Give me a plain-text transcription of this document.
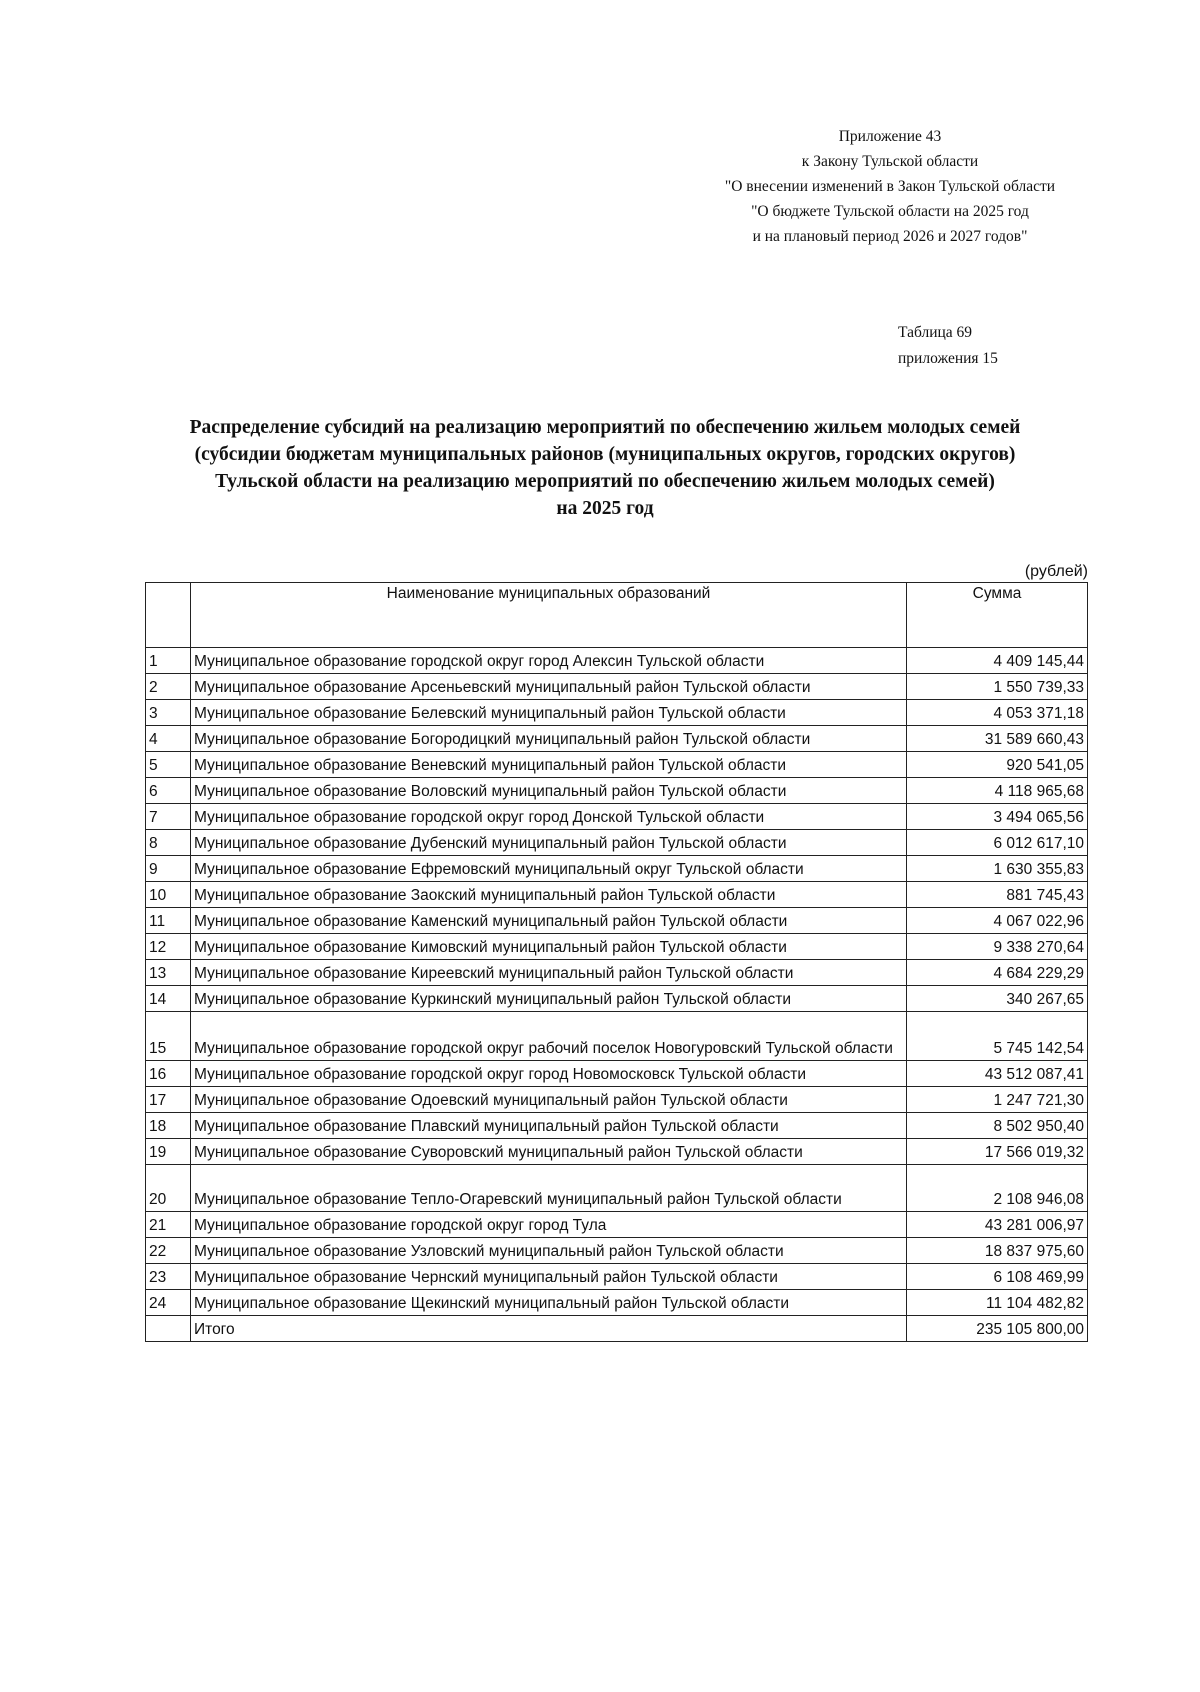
Приложение 43
к Закону Тульской области
"О внесении изменений в Закон Тульской области
"О бюджете Тульской области на 2025 год
и на плановый период 2026 и 2027 годов"
Таблица 69
приложения 15
Распределение субсидий на реализацию мероприятий по обеспечению жильем молодых семей
(субсидии бюджетам муниципальных районов (муниципальных округов, городских округов)
Тульской области на реализацию мероприятий по обеспечению жильем молодых семей)
на 2025 год
(рублей)
	Наименование муниципальных образований	Сумма
1	Муниципальное образование городской округ город Алексин Тульской области	4 409 145,44
2	Муниципальное образование Арсеньевский муниципальный район Тульской области	1 550 739,33
3	Муниципальное образование Белевский муниципальный район Тульской области	4 053 371,18
4	Муниципальное образование Богородицкий муниципальный район Тульской области	31 589 660,43
5	Муниципальное образование Веневский муниципальный район Тульской области	920 541,05
6	Муниципальное образование Воловский муниципальный район Тульской области	4 118 965,68
7	Муниципальное образование городской округ город Донской Тульской области	3 494 065,56
8	Муниципальное образование Дубенский муниципальный район Тульской области	6 012 617,10
9	Муниципальное образование Ефремовский муниципальный округ Тульской области	1 630 355,83
10	Муниципальное образование Заокский муниципальный район Тульской области	881 745,43
11	Муниципальное образование Каменский муниципальный район Тульской области	4 067 022,96
12	Муниципальное образование Кимовский муниципальный район Тульской области	9 338 270,64
13	Муниципальное образование Киреевский муниципальный район Тульской области	4 684 229,29
14	Муниципальное образование Куркинский муниципальный район Тульской области	340 267,65
15	Муниципальное образование городской округ рабочий поселок Новогуровский Тульской области	5 745 142,54
16	Муниципальное образование городской округ город Новомосковск Тульской области	43 512 087,41
17	Муниципальное образование Одоевский муниципальный район Тульской области	1 247 721,30
18	Муниципальное образование Плавский муниципальный район Тульской области	8 502 950,40
19	Муниципальное образование Суворовский муниципальный район Тульской области	17 566 019,32
20	Муниципальное образование Тепло-Огаревский муниципальный район Тульской области	2 108 946,08
21	Муниципальное образование городской округ город Тула	43 281 006,97
22	Муниципальное образование Узловский муниципальный район Тульской области	18 837 975,60
23	Муниципальное образование Чернский муниципальный район Тульской области	6 108 469,99
24	Муниципальное образование Щекинский муниципальный район Тульской области	11 104 482,82
	Итого	235 105 800,00
